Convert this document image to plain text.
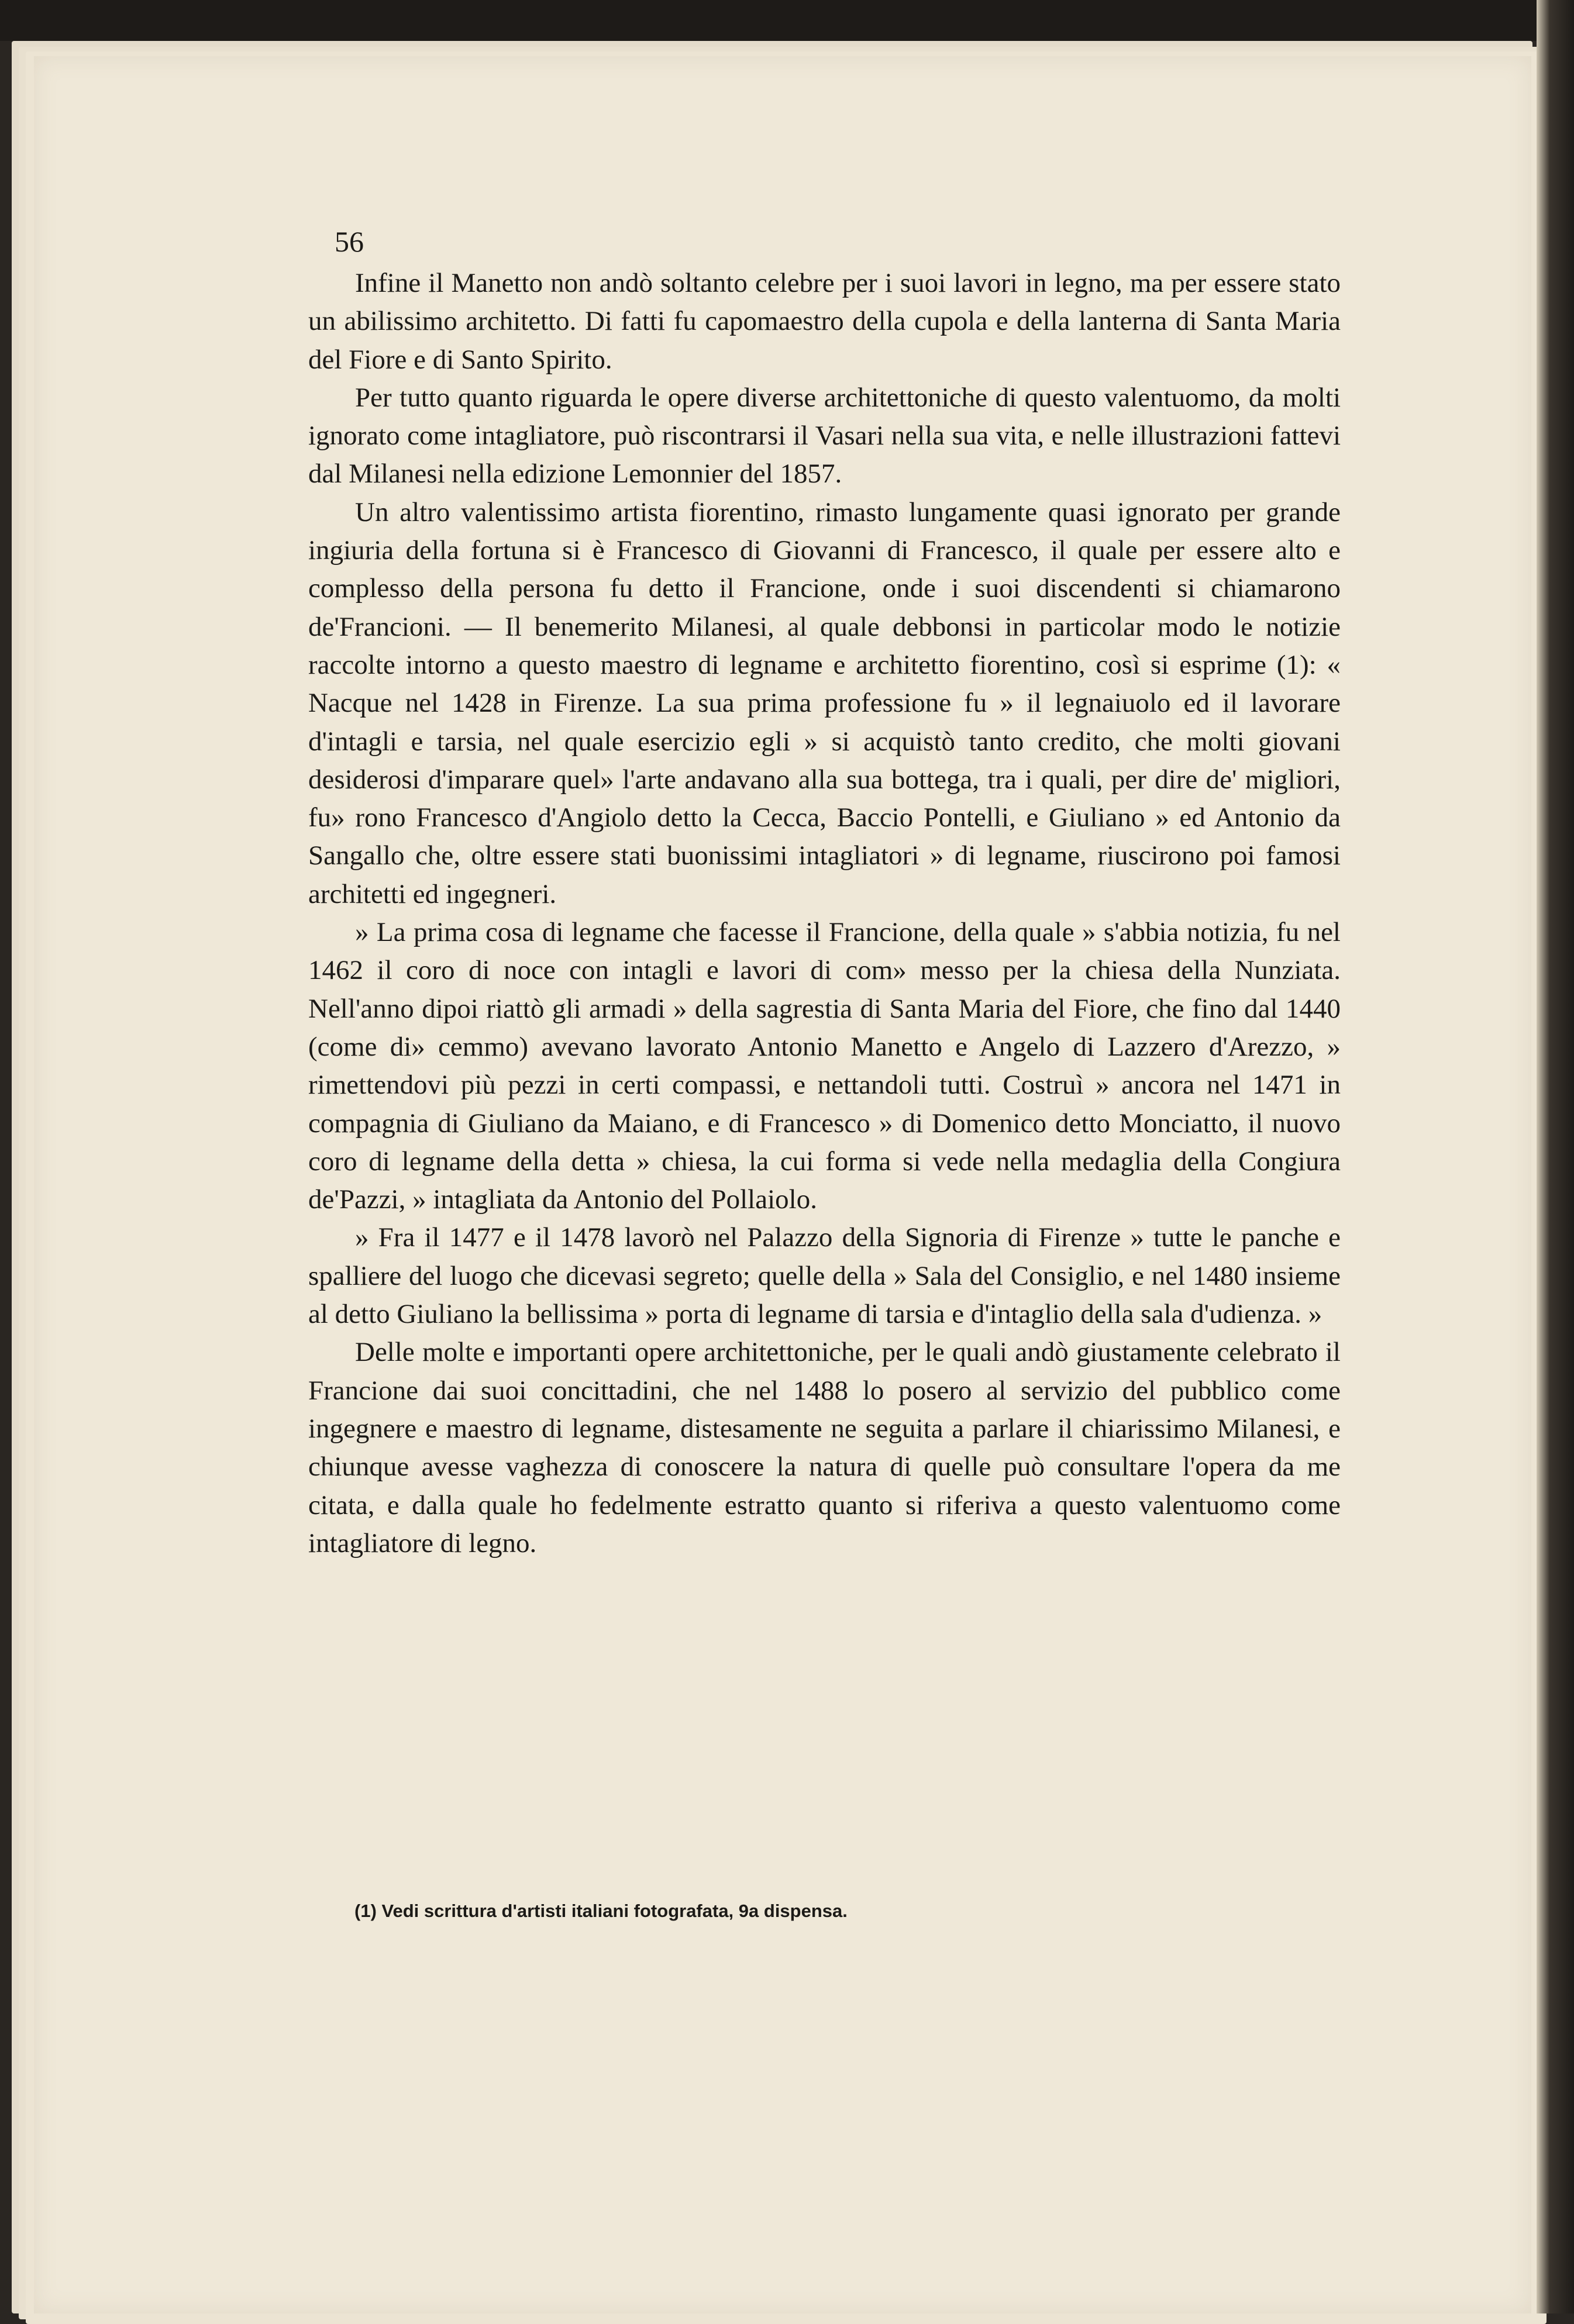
56

Infine il Manetto non andò soltanto celebre per i suoi lavori in legno, ma per essere stato un abilissimo architetto. Di fatti fu capomaestro della cupola e della lanterna di Santa Maria del Fiore e di Santo Spirito.

Per tutto quanto riguarda le opere diverse architettoniche di questo valentuomo, da molti ignorato come intagliatore, può riscontrarsi il Vasari nella sua vita, e nelle illustrazioni fattevi dal Milanesi nella edizione Lemonnier del 1857.

Un altro valentissimo artista fiorentino, rimasto lungamente quasi ignorato per grande ingiuria della fortuna si è Francesco di Giovanni di Francesco, il quale per essere alto e complesso della persona fu detto il Francione, onde i suoi discendenti si chiamarono de'Francioni. — Il benemerito Milanesi, al quale debbonsi in particolar modo le notizie raccolte intorno a questo maestro di legname e architetto fiorentino, così si esprime (1): « Nacque nel 1428 in Firenze. La sua prima professione fu » il legnaiuolo ed il lavorare d'intagli e tarsia, nel quale esercizio egli » si acquistò tanto credito, che molti giovani desiderosi d'imparare quel» l'arte andavano alla sua bottega, tra i quali, per dire de' migliori, fu» rono Francesco d'Angiolo detto la Cecca, Baccio Pontelli, e Giuliano » ed Antonio da Sangallo che, oltre essere stati buonissimi intagliatori » di legname, riuscirono poi famosi architetti ed ingegneri.

» La prima cosa di legname che facesse il Francione, della quale » s'abbia notizia, fu nel 1462 il coro di noce con intagli e lavori di com» messo per la chiesa della Nunziata. Nell'anno dipoi riattò gli armadi » della sagrestia di Santa Maria del Fiore, che fino dal 1440 (come di» cemmo) avevano lavorato Antonio Manetto e Angelo di Lazzero d'Arezzo, » rimettendovi più pezzi in certi compassi, e nettandoli tutti. Costruì » ancora nel 1471 in compagnia di Giuliano da Maiano, e di Francesco » di Domenico detto Monciatto, il nuovo coro di legname della detta » chiesa, la cui forma si vede nella medaglia della Congiura de'Pazzi, » intagliata da Antonio del Pollaiolo.

» Fra il 1477 e il 1478 lavorò nel Palazzo della Signoria di Firenze » tutte le panche e spalliere del luogo che dicevasi segreto; quelle della » Sala del Consiglio, e nel 1480 insieme al detto Giuliano la bellissima » porta di legname di tarsia e d'intaglio della sala d'udienza. »

Delle molte e importanti opere architettoniche, per le quali andò giustamente celebrato il Francione dai suoi concittadini, che nel 1488 lo posero al servizio del pubblico come ingegnere e maestro di legname, distesamente ne seguita a parlare il chiarissimo Milanesi, e chiunque avesse vaghezza di conoscere la natura di quelle può consultare l'opera da me citata, e dalla quale ho fedelmente estratto quanto si riferiva a questo valentuomo come intagliatore di legno.

(1) Vedi scrittura d'artisti italiani fotografata, 9a dispensa.
